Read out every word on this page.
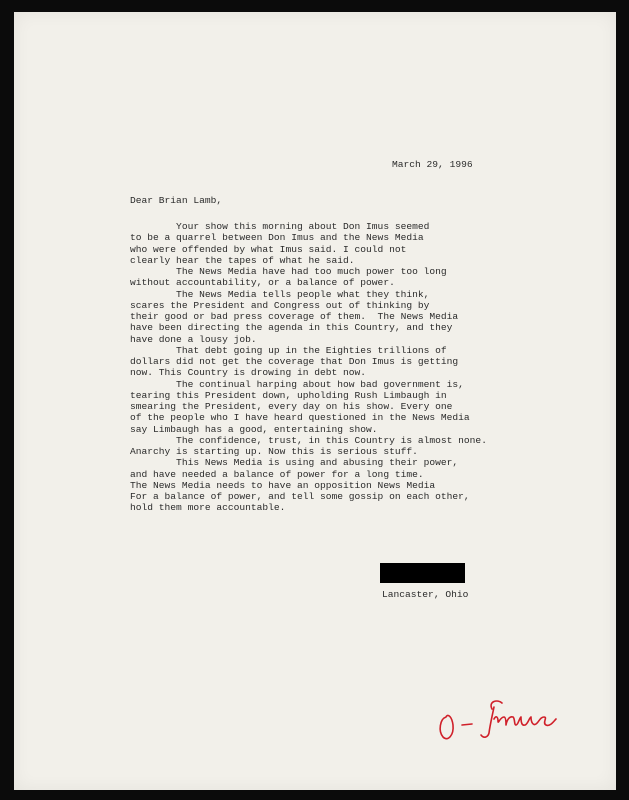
March 29, 1996
Dear Brian Lamb,
Your show this morning about Don Imus seemed
to be a quarrel between Don Imus and the News Media
who were offended by what Imus said. I could not
clearly hear the tapes of what he said.
The News Media have had too much power too long
without accountability, or a balance of power.
The News Media tells people what they think,
scares the President and Congress out of thinking by
their good or bad press coverage of them.  The News Media
have been directing the agenda in this Country, and they
have done a lousy job.
That debt going up in the Eighties trillions of
dollars did not get the coverage that Don Imus is getting
now. This Country is drowing in debt now.
The continual harping about how bad government is,
tearing this President down, upholding Rush Limbaugh in
smearing the President, every day on his show. Every one
of the people who I have heard questioned in the News Media
say Limbaugh has a good, entertaining show.
The confidence, trust, in this Country is almost none.
Anarchy is starting up. Now this is serious stuff.
This News Media is using and abusing their power,
and have needed a balance of power for a long time.
The News Media needs to have an opposition News Media
For a balance of power, and tell some gossip on each other,
hold them more accountable.
Lancaster, Ohio
